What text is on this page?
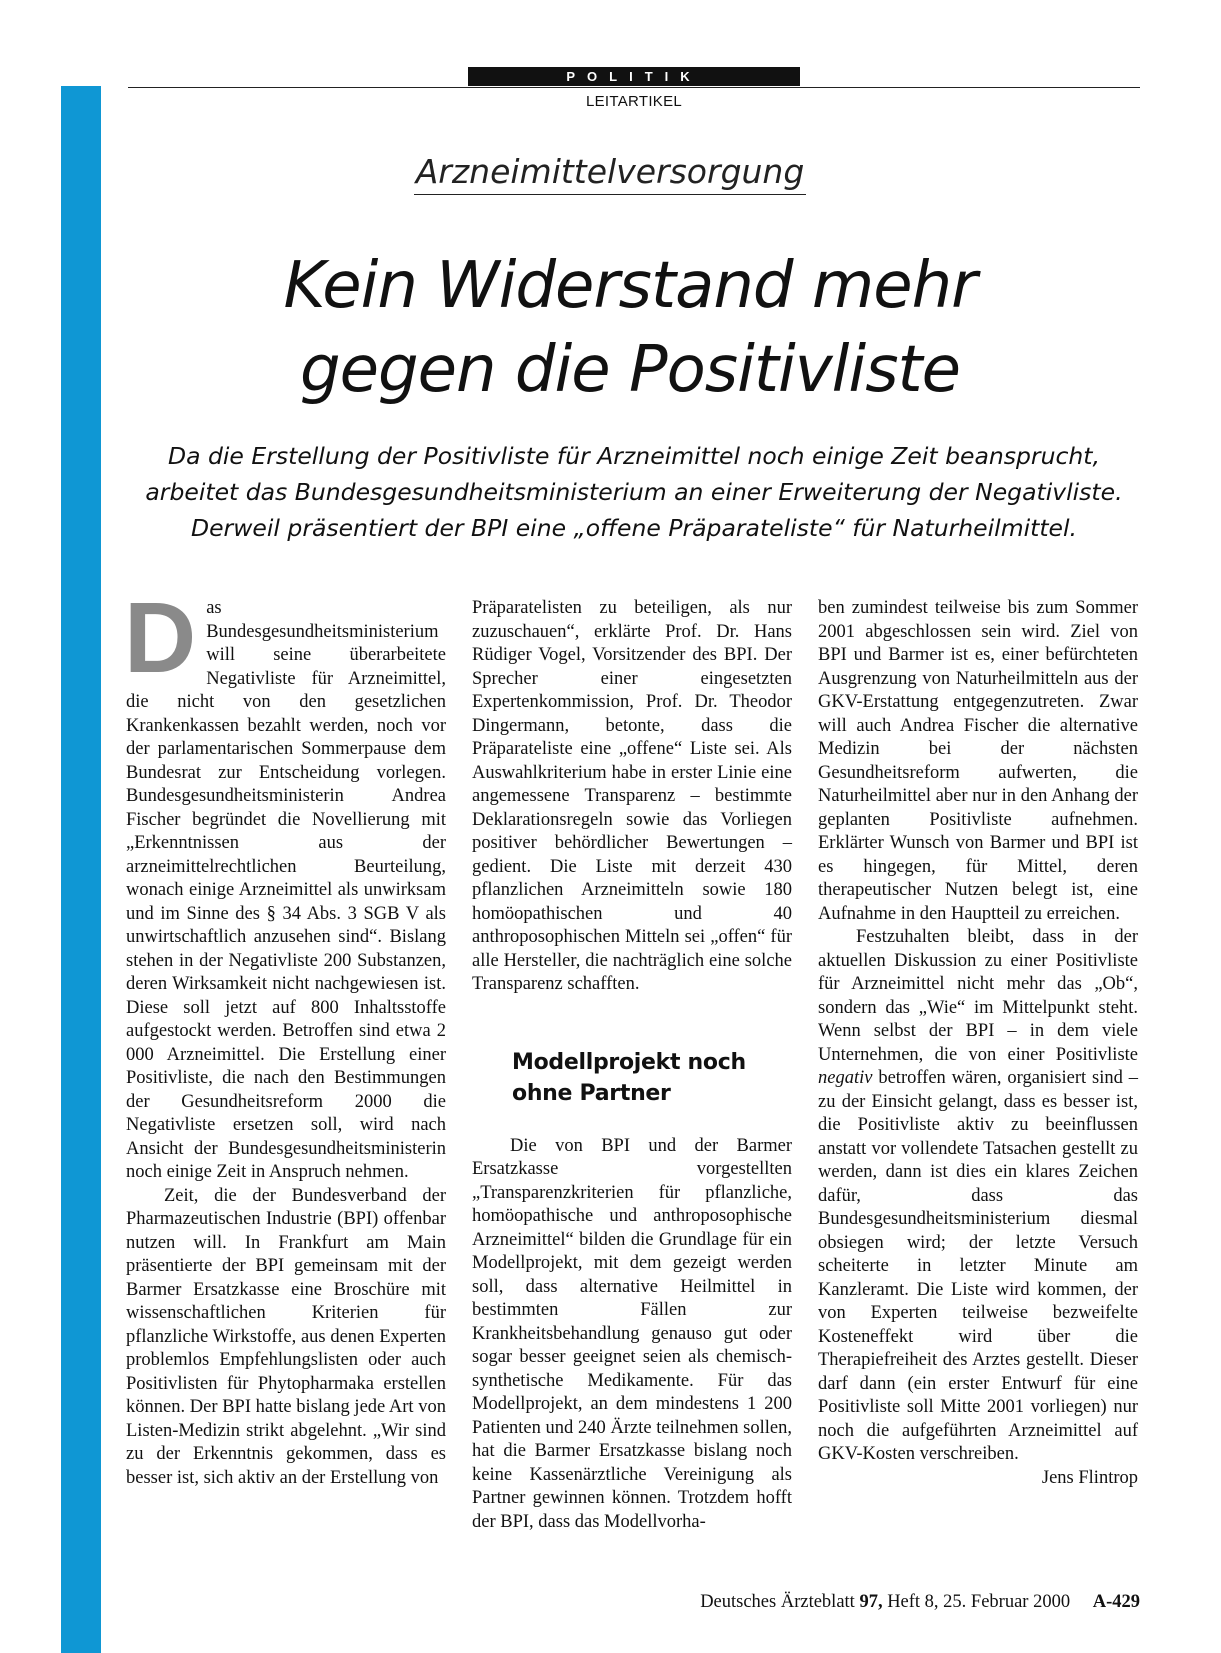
POLITIK
LEITARTIKEL
Arzneimittelversorgung
Kein Widerstand mehr
gegen die Positivliste
Da die Erstellung der Positivliste für Arzneimittel noch einige Zeit beansprucht,
arbeitet das Bundesgesundheitsministerium an einer Erweiterung der Negativliste.
Derweil präsentiert der BPI eine „offene Präparateliste“ für Naturheilmittel.
D as Bundesgesundheitsministerium will seine überarbeitete Negativliste für Arzneimittel, die nicht von den gesetzlichen Krankenkassen bezahlt werden, noch vor der parlamentarischen Sommerpause dem Bundesrat zur Entscheidung vorlegen. Bundesgesundheitsministerin Andrea Fischer begründet die Novellierung mit „Erkenntnissen aus der arzneimittelrechtlichen Beurteilung, wonach einige Arzneimittel als unwirksam und im Sinne des § 34 Abs. 3 SGB V als unwirtschaftlich anzusehen sind“. Bislang stehen in der Negativliste 200 Substanzen, deren Wirksamkeit nicht nachgewiesen ist. Diese soll jetzt auf 800 Inhaltsstoffe aufgestockt werden. Betroffen sind etwa 2 000 Arzneimittel. Die Erstellung einer Positivliste, die nach den Bestimmungen der Gesundheitsreform 2000 die Negativliste ersetzen soll, wird nach Ansicht der Bundesgesundheitsministerin noch einige Zeit in Anspruch nehmen.

Zeit, die der Bundesverband der Pharmazeutischen Industrie (BPI) offenbar nutzen will. In Frankfurt am Main präsentierte der BPI gemeinsam mit der Barmer Ersatzkasse eine Broschüre mit wissenschaftlichen Kriterien für pflanzliche Wirkstoffe, aus denen Experten problemlos Empfehlungslisten oder auch Positivlisten für Phytopharmaka erstellen können. Der BPI hatte bislang jede Art von Listen-Medizin strikt abgelehnt. „Wir sind zu der Erkenntnis gekommen, dass es besser ist, sich aktiv an der Erstellung von

Präparatelisten zu beteiligen, als nur zuzuschauen“, erklärte Prof. Dr. Hans Rüdiger Vogel, Vorsitzender des BPI. Der Sprecher einer eingesetzten Expertenkommission, Prof. Dr. Theodor Dingermann, betonte, dass die Präparateliste eine „offene“ Liste sei. Als Auswahlkriterium habe in erster Linie eine angemessene Transparenz – bestimmte Deklarationsregeln sowie das Vorliegen positiver behördlicher Bewertungen – gedient. Die Liste mit derzeit 430 pflanzlichen Arzneimitteln sowie 180 homöopathischen und 40 anthroposophischen Mitteln sei „offen“ für alle Hersteller, die nachträglich eine solche Transparenz schafften.

Modellprojekt noch
ohne Partner

Die von BPI und der Barmer Ersatzkasse vorgestellten „Transparenzkriterien für pflanzliche, homöopathische und anthroposophische Arzneimittel“ bilden die Grundlage für ein Modellprojekt, mit dem gezeigt werden soll, dass alternative Heilmittel in bestimmten Fällen zur Krankheitsbehandlung genauso gut oder sogar besser geeignet seien als chemisch-synthetische Medikamente. Für das Modellprojekt, an dem mindestens 1 200 Patienten und 240 Ärzte teilnehmen sollen, hat die Barmer Ersatzkasse bislang noch keine Kassenärztliche Vereinigung als Partner gewinnen können. Trotzdem hofft der BPI, dass das Modellvorha-

ben zumindest teilweise bis zum Sommer 2001 abgeschlossen sein wird. Ziel von BPI und Barmer ist es, einer befürchteten Ausgrenzung von Naturheilmitteln aus der GKV-Erstattung entgegenzutreten. Zwar will auch Andrea Fischer die alternative Medizin bei der nächsten Gesundheitsreform aufwerten, die Naturheilmittel aber nur in den Anhang der geplanten Positivliste aufnehmen. Erklärter Wunsch von Barmer und BPI ist es hingegen, für Mittel, deren therapeutischer Nutzen belegt ist, eine Aufnahme in den Hauptteil zu erreichen.

Festzuhalten bleibt, dass in der aktuellen Diskussion zu einer Positivliste für Arzneimittel nicht mehr das „Ob“, sondern das „Wie“ im Mittelpunkt steht. Wenn selbst der BPI – in dem viele Unternehmen, die von einer Positivliste negativ betroffen wären, organisiert sind – zu der Einsicht gelangt, dass es besser ist, die Positivliste aktiv zu beeinflussen anstatt vor vollendete Tatsachen gestellt zu werden, dann ist dies ein klares Zeichen dafür, dass das Bundesgesundheitsministerium diesmal obsiegen wird; der letzte Versuch scheiterte in letzter Minute am Kanzleramt. Die Liste wird kommen, der von Experten teilweise bezweifelte Kosteneffekt wird über die Therapiefreiheit des Arztes gestellt. Dieser darf dann (ein erster Entwurf für eine Positivliste soll Mitte 2001 vorliegen) nur noch die aufgeführten Arzneimittel auf GKV-Kosten verschreiben.
Jens Flintrop

Deutsches Ärzteblatt 97, Heft 8, 25. Februar 2000 A-429
